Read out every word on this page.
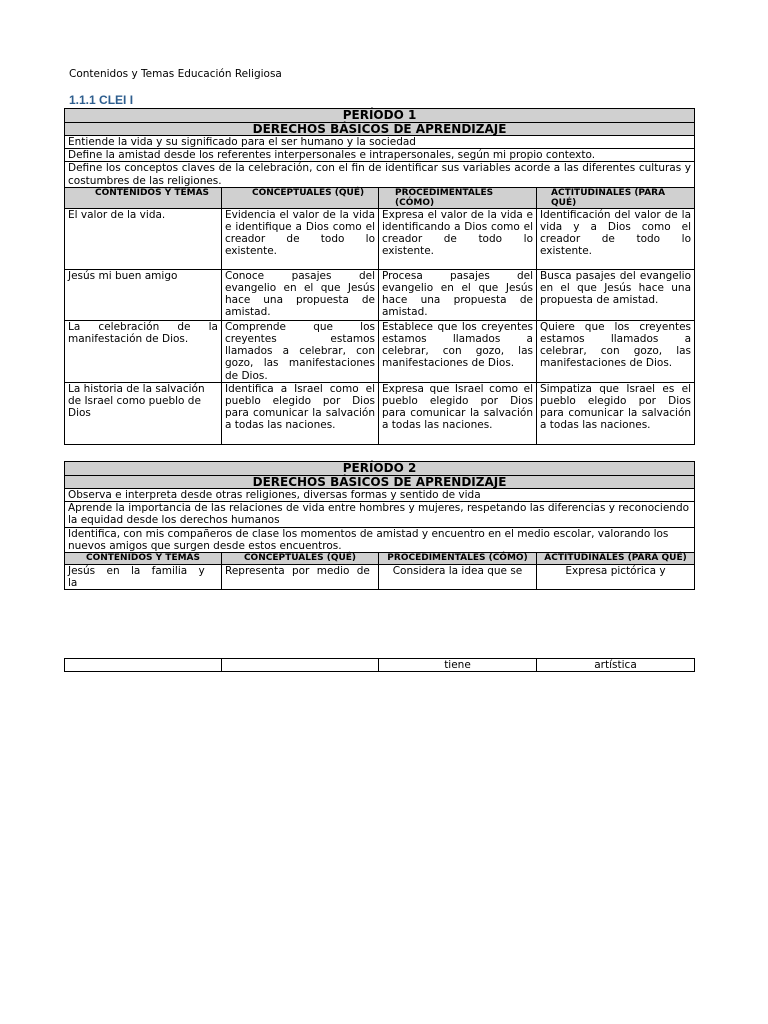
Contenidos y Temas Educación Religiosa
1.1.1 CLEI I
PERÍODO 1			
DERECHOS BÁSICOS DE APRENDIZAJE			
Entiende la vida y su significado para el ser humano y la sociedad			
Define la amistad desde los referentes interpersonales e intrapersonales, según mi propio contexto.			
Define los conceptos claves de la celebración, con el fin de identificar sus variables acorde a las diferentes culturas y costumbres de las religiones.			
CONTENIDOS Y TEMAS	CONCEPTUALES (QUÉ)	PROCEDIMENTALES (CÓMO)	ACTITUDINALES (PARA QUÉ)
El valor de la vida.	Evidencia el valor de la vida e identifique a Dios como el creador de todo lo existente.	Expresa el valor de la vida e identificando a Dios como el creador de todo lo existente.	Identificación del valor de la vida y a Dios como el creador de todo lo existente.
Jesús mi buen amigo	Conoce pasajes del evangelio en el que Jesús hace una propuesta de amistad.	Procesa pasajes del evangelio en el que Jesús hace una propuesta de amistad.	Busca pasajes del evangelio en el que Jesús hace una propuesta de amistad.
La celebración de la manifestación de Dios.	Comprende que los creyentes estamos llamados a celebrar, con gozo, las manifestaciones de Dios.	Establece que los creyentes estamos llamados a celebrar, con gozo, las manifestaciones de Dios.	Quiere que los creyentes estamos llamados a celebrar, con gozo, las manifestaciones de Dios.
La historia de la salvación de Israel como pueblo de Dios	Identifica a Israel como el pueblo elegido por Dios para comunicar la salvación a todas las naciones.	Expresa que Israel como el pueblo elegido por Dios para comunicar la salvación a todas las naciones.	Simpatiza que Israel es el pueblo elegido por Dios para comunicar la salvación a todas las naciones.
PERÍODO 2			
DERECHOS BÁSICOS DE APRENDIZAJE			
Observa e interpreta desde otras religiones, diversas formas y sentido de vida			
Aprende la importancia de las relaciones de vida entre hombres y mujeres, respetando las diferencias y reconociendo la equidad desde los derechos humanos			
Identifica, con mis compañeros de clase los momentos de amistad y encuentro en el medio escolar, valorando los nuevos amigos que surgen desde estos encuentros.			
CONTENIDOS Y TEMAS	CONCEPTUALES (QUÉ)	PROCEDIMENTALES (CÓMO)	ACTITUDINALES (PARA QUÉ)
Jesús en la familia y la	Representa por medio de	Considera la idea que se	Expresa pictórica y
		tiene	artística
